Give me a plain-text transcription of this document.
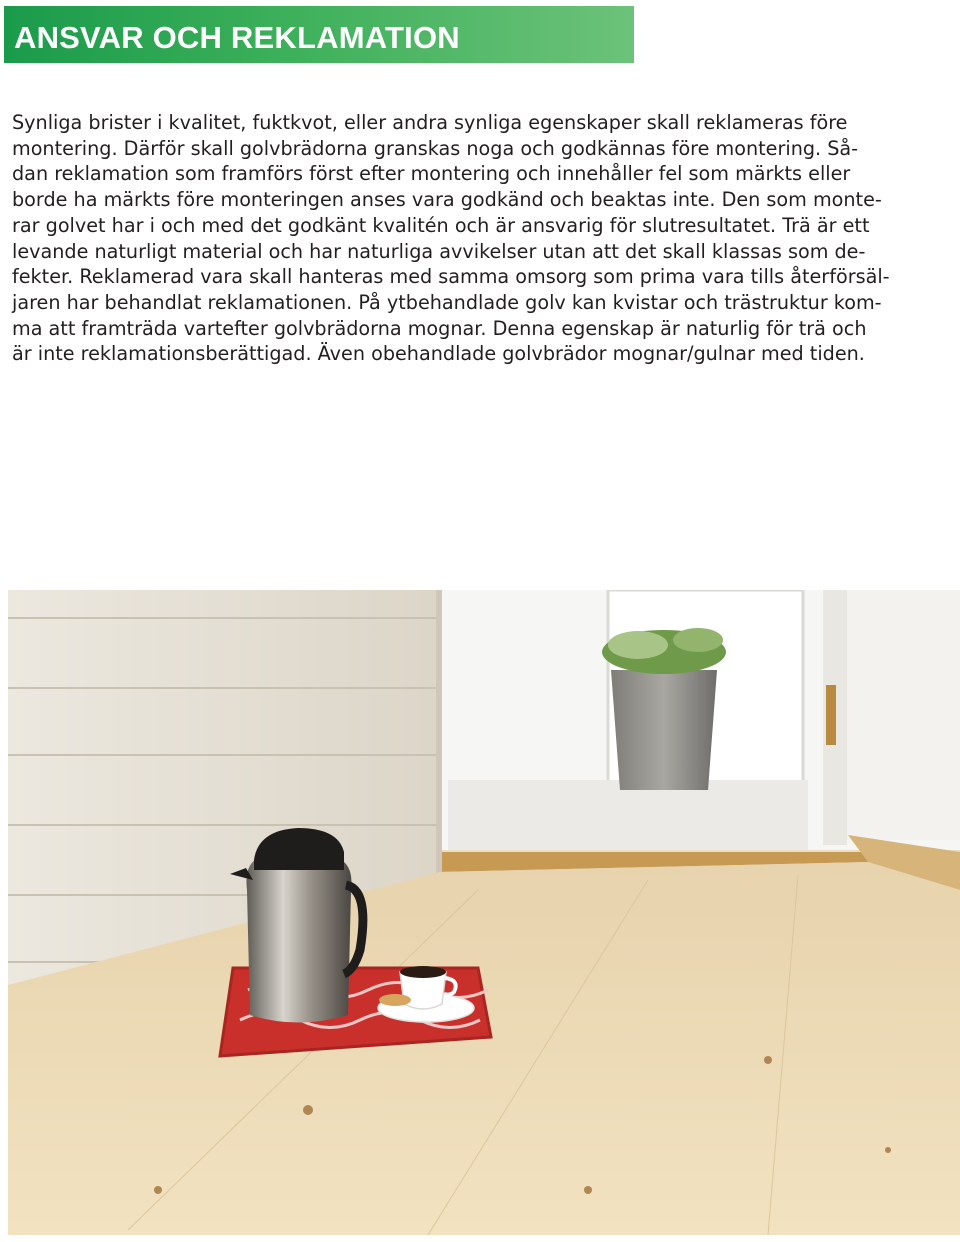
ANSVAR OCH REKLAMATION

Synliga brister i kvalitet, fuktkvot, eller andra synliga egenskaper skall reklameras före
montering. Därför skall golvbrädorna granskas noga och godkännas före montering. Så-
dan reklamation som framförs först efter montering och innehåller fel som märkts eller
borde ha märkts före monteringen anses vara godkänd och beaktas inte. Den som monte-
rar golvet har i och med det godkänt kvalitén och är ansvarig för slutresultatet. Trä är ett
levande naturligt material och har naturliga avvikelser utan att det skall klassas som de-
fekter. Reklamerad vara skall hanteras med samma omsorg som prima vara tills återförsäl-
jaren har behandlat reklamationen. På ytbehandlade golv kan kvistar och trästruktur kom-
ma att framträda vartefter golvbrädorna mognar. Denna egenskap är naturlig för trä och
är inte reklamationsberättigad. Även obehandlade golvbrädor mognar/gulnar med tiden.
